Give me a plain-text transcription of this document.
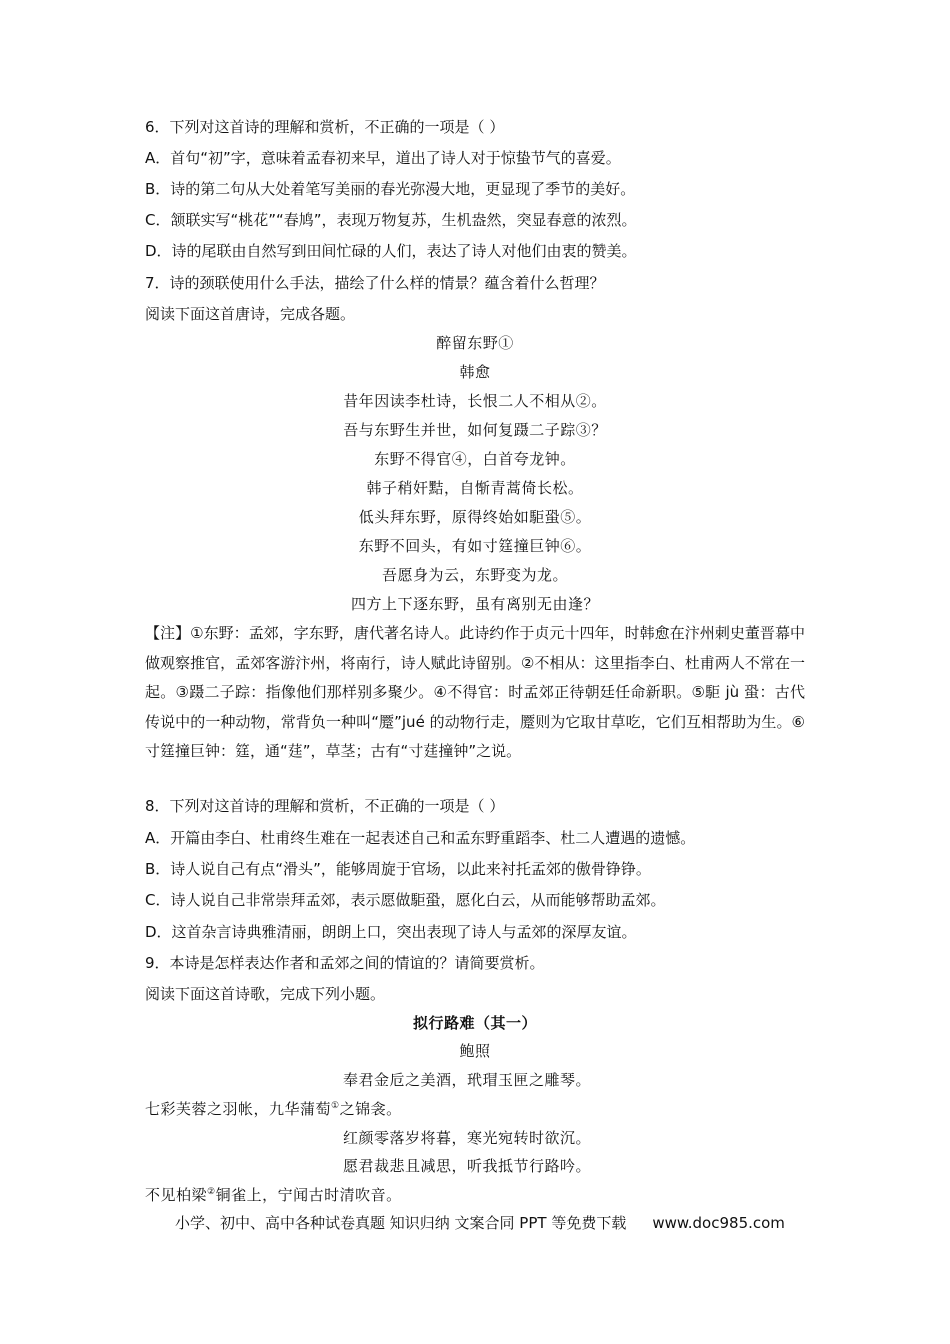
6．下列对这首诗的理解和赏析，不正确的一项是（ ）
A．首句“初”字，意味着孟春初来早，道出了诗人对于惊蛰节气的喜爱。
B．诗的第二句从大处着笔写美丽的春光弥漫大地，更显现了季节的美好。
C．颔联实写“桃花”“春鸠”，表现万物复苏，生机盎然，突显春意的浓烈。
D．诗的尾联由自然写到田间忙碌的人们，表达了诗人对他们由衷的赞美。
7．诗的颈联使用什么手法，描绘了什么样的情景？蕴含着什么哲理？
阅读下面这首唐诗，完成各题。
醉留东野①
韩愈
昔年因读李杜诗，长恨二人不相从②。
吾与东野生并世，如何复蹑二子踪③？
东野不得官④，白首夸龙钟。
韩子稍奸黠，自惭青蒿倚长松。
低头拜东野，原得终始如駏蛩⑤。
东野不回头，有如寸筳撞巨钟⑥。
吾愿身为云，东野变为龙。
四方上下逐东野，虽有离别无由逢？
【注】①东野：孟郊，字东野，唐代著名诗人。此诗约作于贞元十四年，时韩愈在汴州刺史董晋幕中做观察推官，孟郊客游汴州，将南行，诗人赋此诗留别。②不相从：这里指李白、杜甫两人不常在一起。③蹑二子踪：指像他们那样别多聚少。④不得官：时孟郊正待朝廷任命新职。⑤駏 jù 蛩：古代传说中的一种动物，常背负一种叫“蹷”jué 的动物行走，蹷则为它取甘草吃，它们互相帮助为生。⑥寸筳撞巨钟：筳，通“莛”，草茎；古有“寸莛撞钟”之说。
8．下列对这首诗的理解和赏析，不正确的一项是（ ）
A．开篇由李白、杜甫终生难在一起表述自己和孟东野重蹈李、杜二人遭遇的遗憾。
B．诗人说自己有点“滑头”，能够周旋于官场，以此来衬托孟郊的傲骨铮铮。
C．诗人说自己非常崇拜孟郊，表示愿做駏蛩，愿化白云，从而能够帮助孟郊。
D．这首杂言诗典雅清丽，朗朗上口，突出表现了诗人与孟郊的深厚友谊。
9．本诗是怎样表达作者和孟郊之间的情谊的？请简要赏析。
阅读下面这首诗歌，完成下列小题。
拟行路难（其一）
鲍照
奉君金卮之美酒，玳瑁玉匣之雕琴。
七彩芙蓉之羽帐，九华蒲萄①之锦衾。
红颜零落岁将暮，寒光宛转时欲沉。
愿君裁悲且减思，听我抵节行路吟。
不见柏梁②铜雀上，宁闻古时清吹音。
小学、初中、高中各种试卷真题 知识归纳 文案合同 PPT 等免费下载 www.doc985.com
